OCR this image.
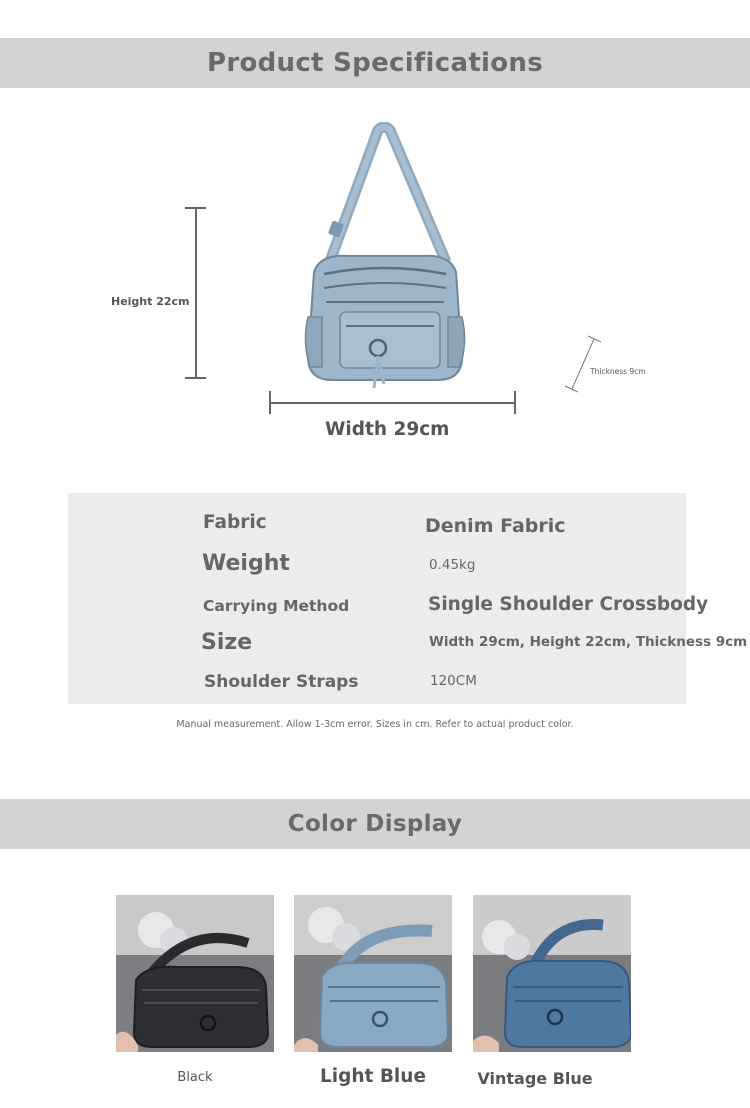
Product Specifications
Height 22cm
Width 29cm
Thickness 9cm
Fabric	Denim Fabric
Weight	0.45kg
Carrying Method	Single Shoulder Crossbody
Size	Width 29cm, Height 22cm, Thickness 9cm
Shoulder Straps	120CM
Manual measurement. Allow 1-3cm error. Sizes in cm. Refer to actual product color.
Color Display
Black	Light Blue	Vintage Blue
